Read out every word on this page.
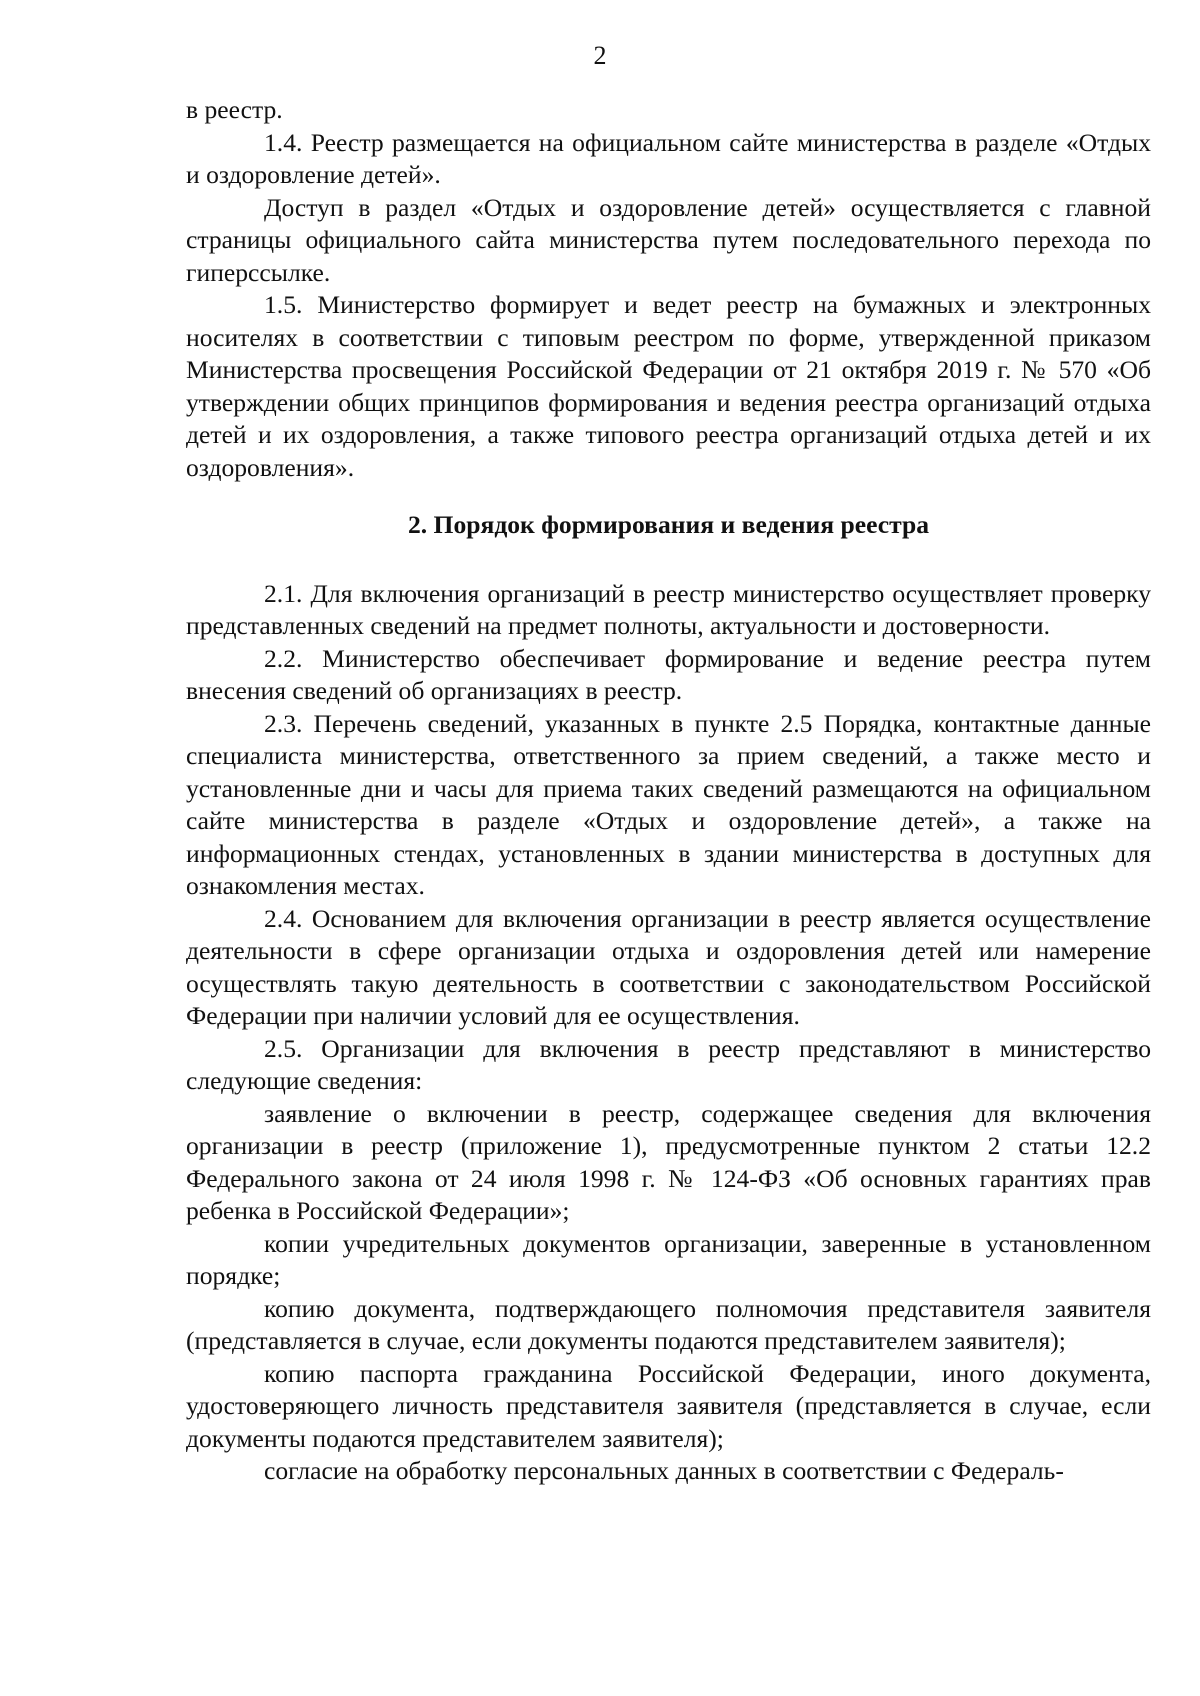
2

в реестр.

1.4. Реестр размещается на официальном сайте министерства в разделе «Отдых и оздоровление детей».

Доступ в раздел «Отдых и оздоровление детей» осуществляется с главной страницы официального сайта министерства путем последовательного перехода по гиперссылке.

1.5. Министерство формирует и ведет реестр на бумажных и электронных носителях в соответствии с типовым реестром по форме, утвержденной приказом Министерства просвещения Российской Федерации от 21 октября 2019 г. № 570 «Об утверждении общих принципов формирования и ведения реестра организаций отдыха детей и их оздоровления, а также типового реестра организаций отдыха детей и их оздоровления».

2. Порядок формирования и ведения реестра

2.1. Для включения организаций в реестр министерство осуществляет проверку представленных сведений на предмет полноты, актуальности и достоверности.

2.2. Министерство обеспечивает формирование и ведение реестра путем внесения сведений об организациях в реестр.

2.3. Перечень сведений, указанных в пункте 2.5 Порядка, контактные данные специалиста министерства, ответственного за прием сведений, а также место и установленные дни и часы для приема таких сведений размещаются на официальном сайте министерства в разделе «Отдых и оздоровление детей», а также на информационных стендах, установленных в здании министерства в доступных для ознакомления местах.

2.4. Основанием для включения организации в реестр является осуществление деятельности в сфере организации отдыха и оздоровления детей или намерение осуществлять такую деятельность в соответствии с законодательством Российской Федерации при наличии условий для ее осуществления.

2.5. Организации для включения в реестр представляют в министерство следующие сведения:

заявление о включении в реестр, содержащее сведения для включения организации в реестр (приложение 1), предусмотренные пунктом 2 статьи 12.2 Федерального закона от 24 июля 1998 г. № 124-ФЗ «Об основных гарантиях прав ребенка в Российской Федерации»;

копии учредительных документов организации, заверенные в установленном порядке;

копию документа, подтверждающего полномочия представителя заявителя (представляется в случае, если документы подаются представителем заявителя);

копию паспорта гражданина Российской Федерации, иного документа, удостоверяющего личность представителя заявителя (представляется в случае, если документы подаются представителем заявителя);

согласие на обработку персональных данных в соответствии с Федераль-
